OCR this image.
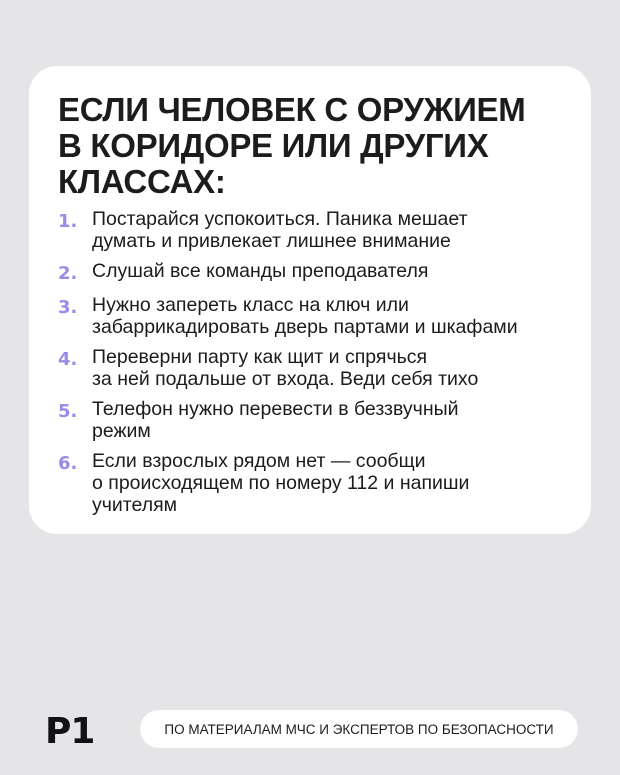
ЕСЛИ ЧЕЛОВЕК С ОРУЖИЕМ
В КОРИДОРЕ ИЛИ ДРУГИХ
КЛАССАХ:
1. Постарайся успокоиться. Паника мешает
думать и привлекает лишнее внимание
2. Слушай все команды преподавателя
3. Нужно запереть класс на ключ или
забаррикадировать дверь партами и шкафами
4. Переверни парту как щит и спрячься
за ней подальше от входа. Веди себя тихо
5. Телефон нужно перевести в беззвучный
режим
6. Если взрослых рядом нет — сообщи
о происходящем по номеру 112 и напиши
учителям
P1	ПО МАТЕРИАЛАМ МЧС И ЭКСПЕРТОВ ПО БЕЗОПАСНОСТИ
